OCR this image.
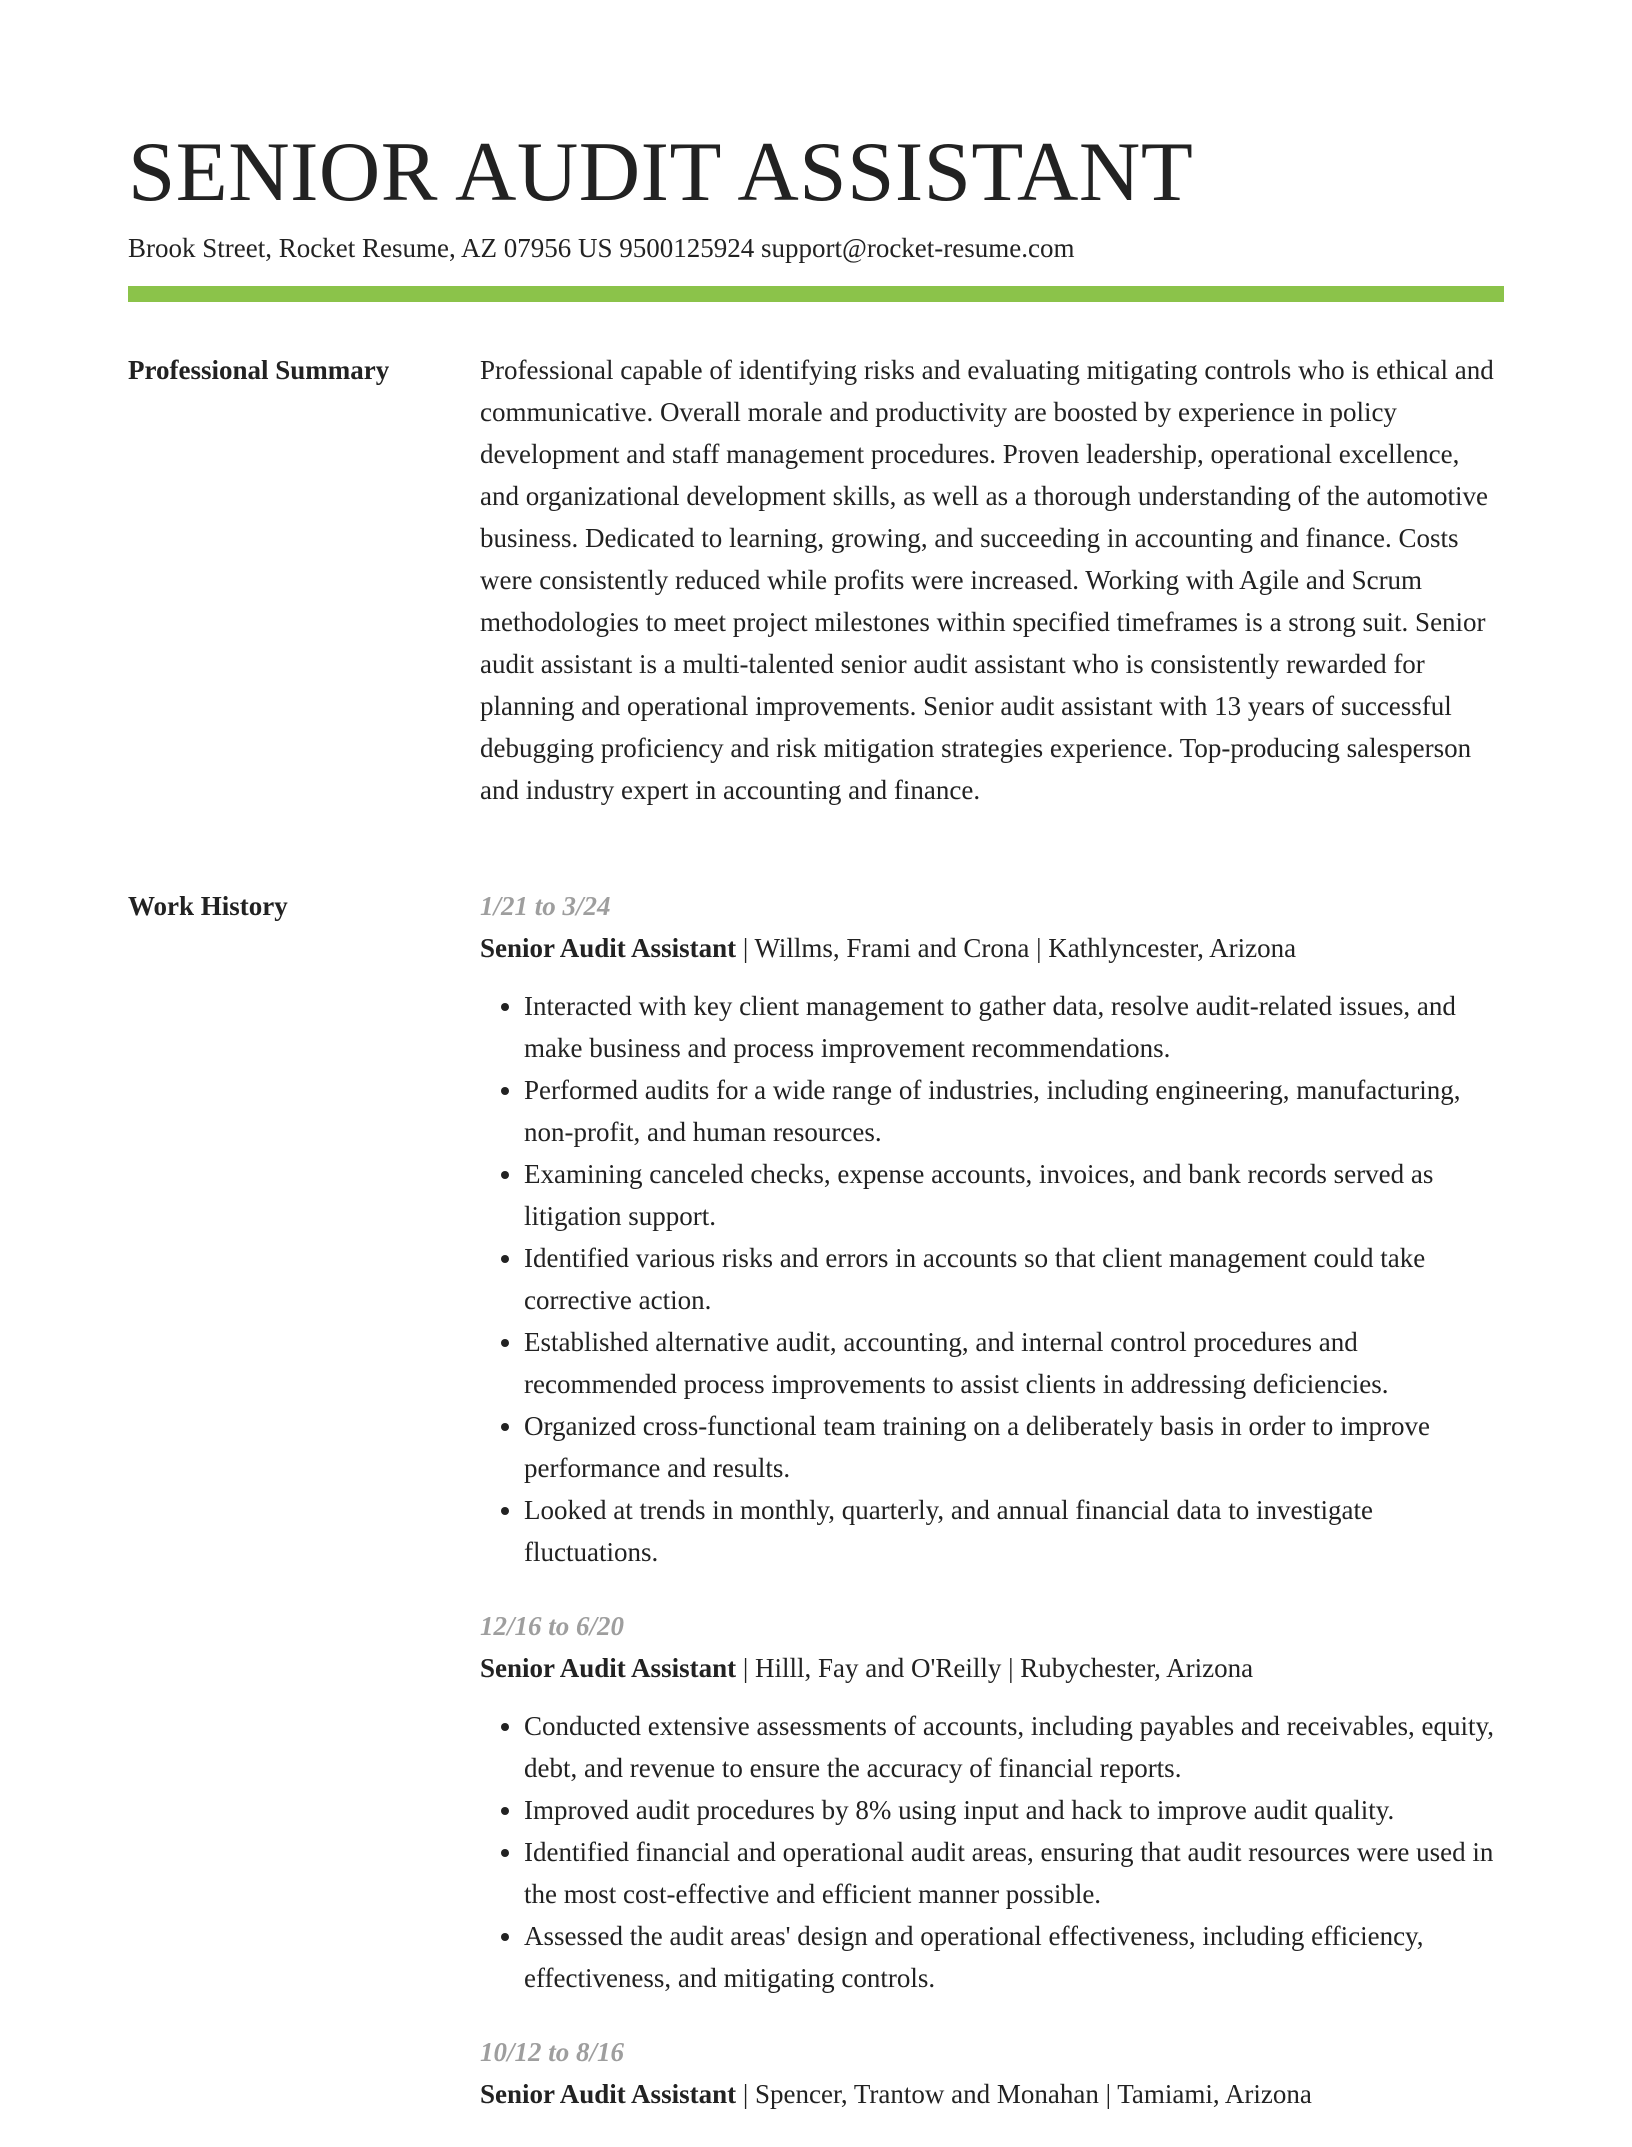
SENIOR AUDIT ASSISTANT
Brook Street, Rocket Resume, AZ 07956 US 9500125924 support@rocket-resume.com
Professional Summary	Professional capable of identifying risks and evaluating mitigating controls who is ethical and communicative. Overall morale and productivity are boosted by experience in policy development and staff management procedures. Proven leadership, operational excellence, and organizational development skills, as well as a thorough understanding of the automotive business. Dedicated to learning, growing, and succeeding in accounting and finance. Costs were consistently reduced while profits were increased. Working with Agile and Scrum methodologies to meet project milestones within specified timeframes is a strong suit. Senior audit assistant is a multi-talented senior audit assistant who is consistently rewarded for planning and operational improvements. Senior audit assistant with 13 years of successful debugging proficiency and risk mitigation strategies experience. Top-producing salesperson and industry expert in accounting and finance.

Work History	1/21 to 3/24
Senior Audit Assistant | Willms, Frami and Crona | Kathlyncester, Arizona
• Interacted with key client management to gather data, resolve audit-related issues, and make business and process improvement recommendations.
• Performed audits for a wide range of industries, including engineering, manufacturing, non-profit, and human resources.
• Examining canceled checks, expense accounts, invoices, and bank records served as litigation support.
• Identified various risks and errors in accounts so that client management could take corrective action.
• Established alternative audit, accounting, and internal control procedures and recommended process improvements to assist clients in addressing deficiencies.
• Organized cross-functional team training on a deliberately basis in order to improve performance and results.
• Looked at trends in monthly, quarterly, and annual financial data to investigate fluctuations.
12/16 to 6/20
Senior Audit Assistant | Hilll, Fay and O'Reilly | Rubychester, Arizona
• Conducted extensive assessments of accounts, including payables and receivables, equity, debt, and revenue to ensure the accuracy of financial reports.
• Improved audit procedures by 8% using input and hack to improve audit quality.
• Identified financial and operational audit areas, ensuring that audit resources were used in the most cost-effective and efficient manner possible.
• Assessed the audit areas' design and operational effectiveness, including efficiency, effectiveness, and mitigating controls.
10/12 to 8/16
Senior Audit Assistant | Spencer, Trantow and Monahan | Tamiami, Arizona
